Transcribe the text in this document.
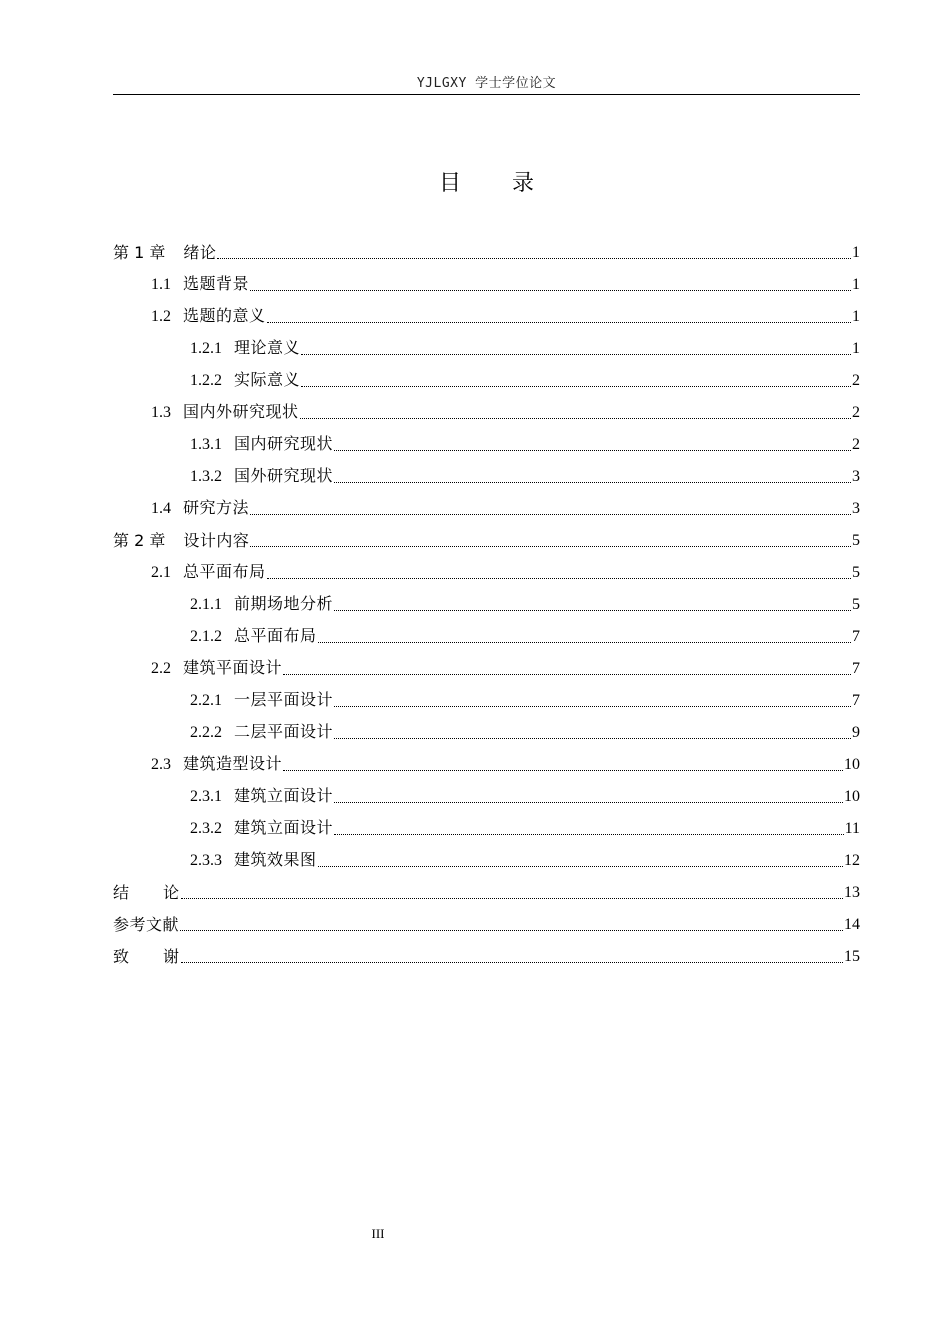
YJLGXY 学士学位论文
目 录
第 1 章 绪论	1
1.1 选题背景	1
1.2 选题的意义	1
1.2.1 理论意义	1
1.2.2 实际意义	2
1.3 国内外研究现状	2
1.3.1 国内研究现状	2
1.3.2 国外研究现状	3
1.4 研究方法	3
第 2 章 设计内容	5
2.1 总平面布局	5
2.1.1 前期场地分析	5
2.1.2 总平面布局	7
2.2 建筑平面设计	7
2.2.1 一层平面设计	7
2.2.2 二层平面设计	9
2.3 建筑造型设计	10
2.3.1 建筑立面设计	10
2.3.2 建筑立面设计	11
2.3.3 建筑效果图	12
结      论	13
参考文献	14
致      谢	15
III
